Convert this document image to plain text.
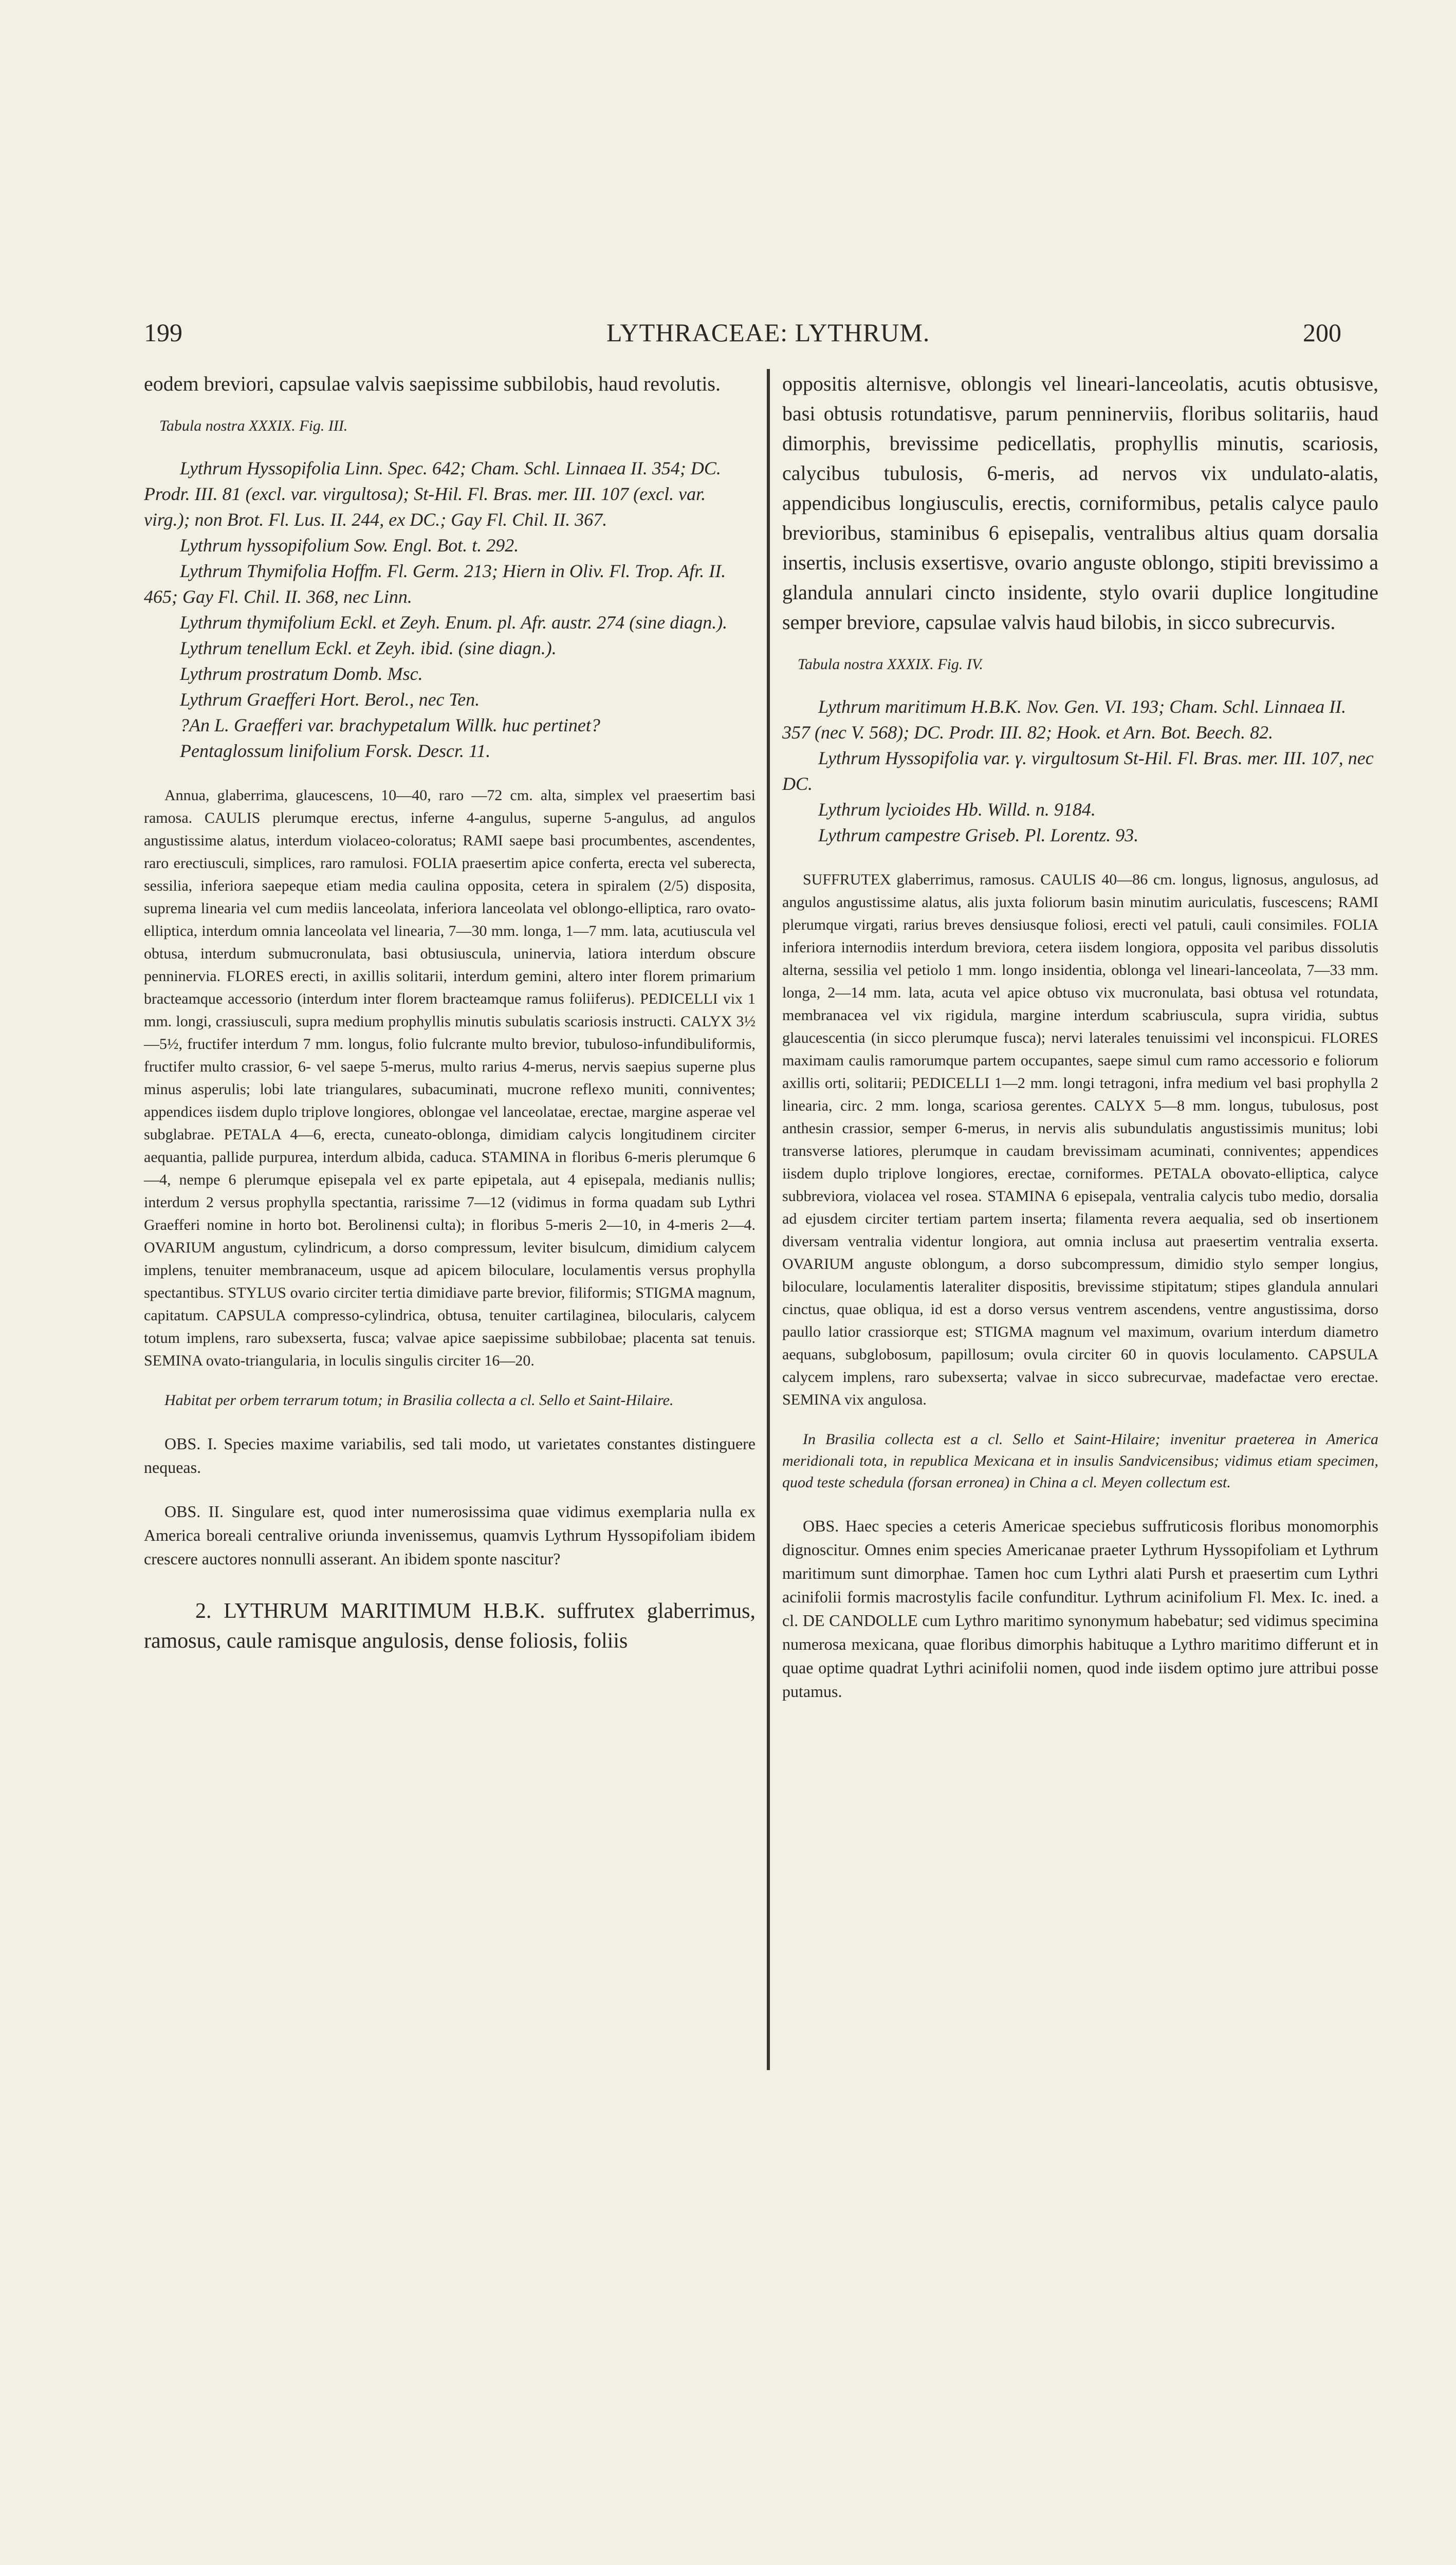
199	LYTHRACEAE: LYTHRUM.	200

eodem breviori, capsulae valvis saepissime subbilobis, haud revolutis.

Tabula nostra XXXIX. Fig. III.

Lythrum Hyssopifolia Linn. Spec. 642; Cham. Schl. Linnaea II. 354; DC. Prodr. III. 81 (excl. var. virgultosa); St-Hil. Fl. Bras. mer. III. 107 (excl. var. virg.); non Brot. Fl. Lus. II. 244, ex DC.; Gay Fl. Chil. II. 367.

Lythrum hyssopifolium Sow. Engl. Bot. t. 292.

Lythrum Thymifolia Hoffm. Fl. Germ. 213; Hiern in Oliv. Fl. Trop. Afr. II. 465; Gay Fl. Chil. II. 368, nec Linn.

Lythrum thymifolium Eckl. et Zeyh. Enum. pl. Afr. austr. 274 (sine diagn.).

Lythrum tenellum Eckl. et Zeyh. ibid. (sine diagn.).

Lythrum prostratum Domb. Msc.

Lythrum Graefferi Hort. Berol., nec Ten.

?An L. Graefferi var. brachypetalum Willk. huc pertinet?

Pentaglossum linifolium Forsk. Descr. 11.

Annua, glaberrima, glaucescens, 10—40, raro —72 cm. alta, simplex vel praesertim basi ramosa. CAULIS plerumque erectus, inferne 4-angulus, superne 5-angulus, ad angulos angustissime alatus, interdum violaceo-coloratus; RAMI saepe basi procumbentes, ascendentes, raro erectiusculi, simplices, raro ramulosi. FOLIA praesertim apice conferta, erecta vel suberecta, sessilia, inferiora saepeque etiam media caulina opposita, cetera in spiralem (2/5) disposita, suprema linearia vel cum mediis lanceolata, inferiora lanceolata vel oblongo-elliptica, raro ovato-elliptica, interdum omnia lanceolata vel linearia, 7—30 mm. longa, 1—7 mm. lata, acutiuscula vel obtusa, interdum submucronulata, basi obtusiuscula, uninervia, latiora interdum obscure penninervia. FLORES erecti, in axillis solitarii, interdum gemini, altero inter florem primarium bracteamque accessorio (interdum inter florem bracteamque ramus foliiferus). PEDICELLI vix 1 mm. longi, crassiusculi, supra medium prophyllis minutis subulatis scariosis instructi. CALYX 3½—5½, fructifer interdum 7 mm. longus, folio fulcrante multo brevior, tubuloso-infundibuliformis, fructifer multo crassior, 6- vel saepe 5-merus, multo rarius 4-merus, nervis saepius superne plus minus asperulis; lobi late triangulares, subacuminati, mucrone reflexo muniti, conniventes; appendices iisdem duplo triplove longiores, oblongae vel lanceolatae, erectae, margine asperae vel subglabrae. PETALA 4—6, erecta, cuneato-oblonga, dimidiam calycis longitudinem circiter aequantia, pallide purpurea, interdum albida, caduca. STAMINA in floribus 6-meris plerumque 6—4, nempe 6 plerumque episepala vel ex parte epipetala, aut 4 episepala, medianis nullis; interdum 2 versus prophylla spectantia, rarissime 7—12 (vidimus in forma quadam sub Lythri Graefferi nomine in horto bot. Berolinensi culta); in floribus 5-meris 2—10, in 4-meris 2—4. OVARIUM angustum, cylindricum, a dorso compressum, leviter bisulcum, dimidium calycem implens, tenuiter membranaceum, usque ad apicem biloculare, loculamentis versus prophylla spectantibus. STYLUS ovario circiter tertia dimidiave parte brevior, filiformis; STIGMA magnum, capitatum. CAPSULA compresso-cylindrica, obtusa, tenuiter cartilaginea, bilocularis, calycem totum implens, raro subexserta, fusca; valvae apice saepissime subbilobae; placenta sat tenuis. SEMINA ovato-triangularia, in loculis singulis circiter 16—20.

Habitat per orbem terrarum totum; in Brasilia collecta a cl. Sello et Saint-Hilaire.

OBS. I. Species maxime variabilis, sed tali modo, ut varietates constantes distinguere nequeas.

OBS. II. Singulare est, quod inter numerosissima quae vidimus exemplaria nulla ex America boreali centralive oriunda invenissemus, quamvis Lythrum Hyssopifoliam ibidem crescere auctores nonnulli asserant. An ibidem sponte nascitur?

2. LYTHRUM MARITIMUM H.B.K. suffrutex glaberrimus, ramosus, caule ramisque angulosis, dense foliosis, foliis

oppositis alternisve, oblongis vel lineari-lanceolatis, acutis obtusisve, basi obtusis rotundatisve, parum penninerviis, floribus solitariis, haud dimorphis, brevissime pedicellatis, prophyllis minutis, scariosis, calycibus tubulosis, 6-meris, ad nervos vix undulato-alatis, appendicibus longiusculis, erectis, corniformibus, petalis calyce paulo brevioribus, staminibus 6 episepalis, ventralibus altius quam dorsalia insertis, inclusis exsertisve, ovario anguste oblongo, stipiti brevissimo a glandula annulari cincto insidente, stylo ovarii duplice longitudine semper breviore, capsulae valvis haud bilobis, in sicco subrecurvis.

Tabula nostra XXXIX. Fig. IV.

Lythrum maritimum H.B.K. Nov. Gen. VI. 193; Cham. Schl. Linnaea II. 357 (nec V. 568); DC. Prodr. III. 82; Hook. et Arn. Bot. Beech. 82.

Lythrum Hyssopifolia var. γ. virgultosum St-Hil. Fl. Bras. mer. III. 107, nec DC.

Lythrum lycioides Hb. Willd. n. 9184.

Lythrum campestre Griseb. Pl. Lorentz. 93.

SUFFRUTEX glaberrimus, ramosus. CAULIS 40—86 cm. longus, lignosus, angulosus, ad angulos angustissime alatus, alis juxta foliorum basin minutim auriculatis, fuscescens; RAMI plerumque virgati, rarius breves densiusque foliosi, erecti vel patuli, cauli consimiles. FOLIA inferiora internodiis interdum breviora, cetera iisdem longiora, opposita vel paribus dissolutis alterna, sessilia vel petiolo 1 mm. longo insidentia, oblonga vel lineari-lanceolata, 7—33 mm. longa, 2—14 mm. lata, acuta vel apice obtuso vix mucronulata, basi obtusa vel rotundata, membranacea vel vix rigidula, margine interdum scabriuscula, supra viridia, subtus glaucescentia (in sicco plerumque fusca); nervi laterales tenuissimi vel inconspicui. FLORES maximam caulis ramorumque partem occupantes, saepe simul cum ramo accessorio e foliorum axillis orti, solitarii; PEDICELLI 1—2 mm. longi tetragoni, infra medium vel basi prophylla 2 linearia, circ. 2 mm. longa, scariosa gerentes. CALYX 5—8 mm. longus, tubulosus, post anthesin crassior, semper 6-merus, in nervis alis subundulatis angustissimis munitus; lobi transverse latiores, plerumque in caudam brevissimam acuminati, conniventes; appendices iisdem duplo triplove longiores, erectae, corniformes. PETALA obovato-elliptica, calyce subbreviora, violacea vel rosea. STAMINA 6 episepala, ventralia calycis tubo medio, dorsalia ad ejusdem circiter tertiam partem inserta; filamenta revera aequalia, sed ob insertionem diversam ventralia videntur longiora, aut omnia inclusa aut praesertim ventralia exserta. OVARIUM anguste oblongum, a dorso subcompressum, dimidio stylo semper longius, biloculare, loculamentis lateraliter dispositis, brevissime stipitatum; stipes glandula annulari cinctus, quae obliqua, id est a dorso versus ventrem ascendens, ventre angustissima, dorso paullo latior crassiorque est; STIGMA magnum vel maximum, ovarium interdum diametro aequans, subglobosum, papillosum; ovula circiter 60 in quovis loculamento. CAPSULA calycem implens, raro subexserta; valvae in sicco subrecurvae, madefactae vero erectae. SEMINA vix angulosa.

In Brasilia collecta est a cl. Sello et Saint-Hilaire; invenitur praeterea in America meridionali tota, in republica Mexicana et in insulis Sandvicensibus; vidimus etiam specimen, quod teste schedula (forsan erronea) in China a cl. Meyen collectum est.

OBS. Haec species a ceteris Americae speciebus suffruticosis floribus monomorphis dignoscitur. Omnes enim species Americanae praeter Lythrum Hyssopifoliam et Lythrum maritimum sunt dimorphae. Tamen hoc cum Lythri alati Pursh et praesertim cum Lythri acinifolii formis macrostylis facile confunditur. Lythrum acinifolium Fl. Mex. Ic. ined. a cl. DE CANDOLLE cum Lythro maritimo synonymum habebatur; sed vidimus specimina numerosa mexicana, quae floribus dimorphis habituque a Lythro maritimo differunt et in quae optime quadrat Lythri acinifolii nomen, quod inde iisdem optimo jure attribui posse putamus.
